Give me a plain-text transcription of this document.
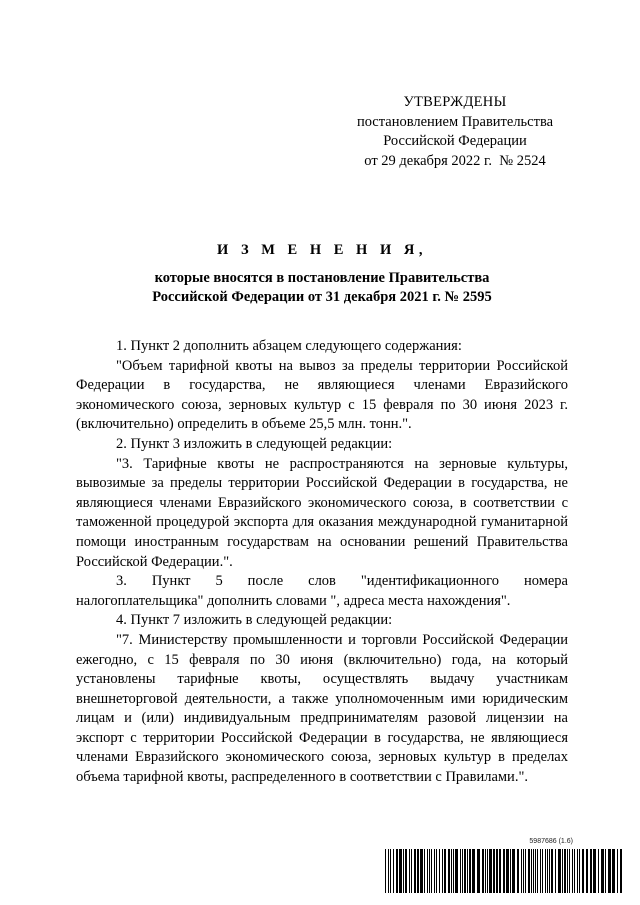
УТВЕРЖДЕНЫ
постановлением Правительства
Российской Федерации
от 29 декабря 2022 г.  № 2524
И З М Е Н Е Н И Я,
которые вносятся в постановление Правительства
Российской Федерации от 31 декабря 2021 г. № 2595

1. Пункт 2 дополнить абзацем следующего содержания:

"Объем тарифной квоты на вывоз за пределы территории Российской Федерации в государства, не являющиеся членами Евразийского экономического союза, зерновых культур с 15 февраля по 30 июня 2023 г. (включительно) определить в объеме 25,5 млн. тонн.".

2. Пункт 3 изложить в следующей редакции:

"3. Тарифные квоты не распространяются на зерновые культуры, вывозимые за пределы территории Российской Федерации в государства, не являющиеся членами Евразийского экономического союза, в соответствии с таможенной процедурой экспорта для оказания международной гуманитарной помощи иностранным государствам на основании решений Правительства Российской Федерации.".

3. Пункт 5 после слов "идентификационного номера налогоплательщика" дополнить словами ", адреса места нахождения".

4. Пункт 7 изложить в следующей редакции:

"7. Министерству промышленности и торговли Российской Федерации ежегодно, с 15 февраля по 30 июня (включительно) года, на который установлены тарифные квоты, осуществлять выдачу участникам внешнеторговой деятельности, а также уполномоченным ими юридическим лицам и (или) индивидуальным предпринимателям разовой лицензии на экспорт с территории Российской Федерации в государства, не являющиеся членами Евразийского экономического союза, зерновых культур в пределах объема тарифной квоты, распределенного в соответствии с Правилами.".

5987686 (1.6)
